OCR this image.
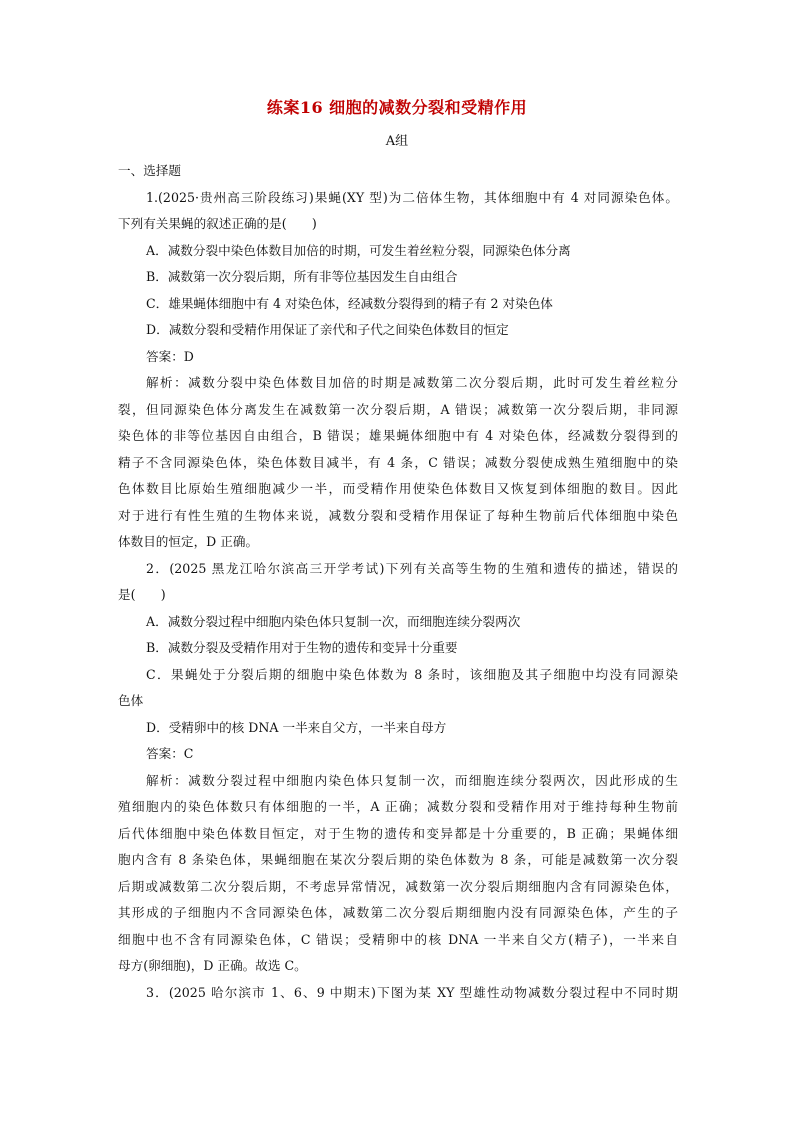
练案16 细胞的减数分裂和受精作用
A组
一、选择题
1.(2025·贵州高三阶段练习)果蝇(XY 型)为二倍体生物，其体细胞中有 4 对同源染色体。
下列有关果蝇的叙述正确的是(　　)
A．减数分裂中染色体数目加倍的时期，可发生着丝粒分裂，同源染色体分离
B．减数第一次分裂后期，所有非等位基因发生自由组合
C．雄果蝇体细胞中有 4 对染色体，经减数分裂得到的精子有 2 对染色体
D．减数分裂和受精作用保证了亲代和子代之间染色体数目的恒定
答案：D
解析：减数分裂中染色体数目加倍的时期是减数第二次分裂后期，此时可发生着丝粒分
裂，但同源染色体分离发生在减数第一次分裂后期，A 错误；减数第一次分裂后期，非同源
染色体的非等位基因自由组合，B 错误；雄果蝇体细胞中有 4 对染色体，经减数分裂得到的
精子不含同源染色体，染色体数目减半，有 4 条，C 错误；减数分裂使成熟生殖细胞中的染
色体数目比原始生殖细胞减少一半，而受精作用使染色体数目又恢复到体细胞的数目。因此
对于进行有性生殖的生物体来说，减数分裂和受精作用保证了每种生物前后代体细胞中染色
体数目的恒定，D 正确。
2．(2025 黑龙江哈尔滨高三开学考试)下列有关高等生物的生殖和遗传的描述，错误的
是(　　)
A．减数分裂过程中细胞内染色体只复制一次，而细胞连续分裂两次
B．减数分裂及受精作用对于生物的遗传和变异十分重要
C．果蝇处于分裂后期的细胞中染色体数为 8 条时，该细胞及其子细胞中均没有同源染
色体
D．受精卵中的核 DNA 一半来自父方，一半来自母方
答案：C
解析：减数分裂过程中细胞内染色体只复制一次，而细胞连续分裂两次，因此形成的生
殖细胞内的染色体数只有体细胞的一半，A 正确；减数分裂和受精作用对于维持每种生物前
后代体细胞中染色体数目恒定，对于生物的遗传和变异都是十分重要的，B 正确；果蝇体细
胞内含有 8 条染色体，果蝇细胞在某次分裂后期的染色体数为 8 条，可能是减数第一次分裂
后期或减数第二次分裂后期，不考虑异常情况，减数第一次分裂后期细胞内含有同源染色体，
其形成的子细胞内不含同源染色体，减数第二次分裂后期细胞内没有同源染色体，产生的子
细胞中也不含有同源染色体，C 错误；受精卵中的核 DNA 一半来自父方(精子)，一半来自
母方(卵细胞)，D 正确。故选 C。
3．(2025 哈尔滨市 1、6、9 中期末)下图为某 XY 型雄性动物减数分裂过程中不同时期
